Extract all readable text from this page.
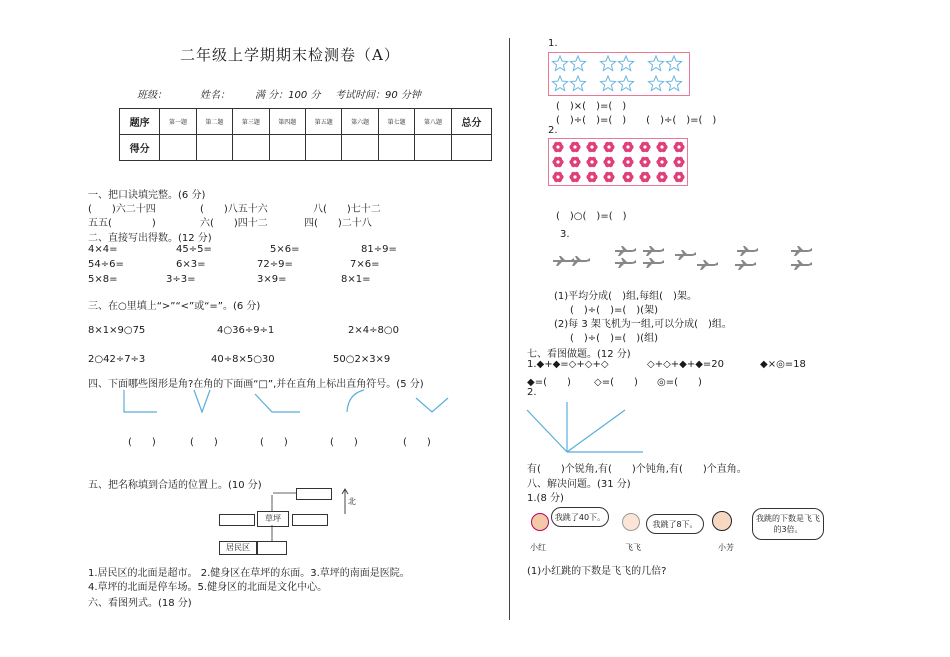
二年级上学期期末检测卷（A）
班级：	姓名：	满 分：100 分 考试时间：90 分钟
题序	第一题	第二题	第三题	第四题	第五题	第六题	第七题	第八题	总分
得分									
一、把口诀填完整。(6 分)
(　　)六二十四	(　　)八五十六	八(　　)七十二
五五(　　　　)	六(　　)四十二	四(　　)二十八
二、直接写出得数。(12 分)
4×4=	45÷5=	5×6=	81÷9=
54÷6=	6×3=	72÷9=	7×6=
5×8=	3÷3=	3×9=	8×1=
三、在○里填上“>”“<”或“=”。(6 分)
8×1×9○75	4○36÷9÷1	2×4÷8○0
2○42÷7÷3	40÷8×5○30	50○2×3×9
四、下面哪些图形是角?在角的下面画“□”,并在直角上标出直角符号。(5 分)
(　　)	(　　)	(　　)	(　　)	(　　)
五、把名称填到合适的位置上。(10 分)
草坪
居民区
北
1.居民区的北面是超市。 2.健身区在草坪的东面。3.草坪的南面是医院。
4.草坪的北面是停车场。5.健身区的北面是文化中心。
六、看图列式。(18 分)
1.
(　)×(　)=(　)
(　)÷(　)=(　)　　(　)÷(　)=(　)
2.
(　)○(　)=(　)
3.
(1)平均分成(　)组,每组(　)架。
(　)÷(　)=(　)(架)
(2)每 3 架飞机为一组,可以分成(　)组。
(　)÷(　)=(　)(组)
七、看图做题。(12 分)
1.◆+◆=◇+◇+◇	◇+◇+◆+◆=20	◆×◎=18
◆=(　　) ◇=(　　) ◎=(　　)
2.
有(　　)个锐角,有(　　)个钝角,有(　　)个直角。
八、解决问题。(31 分)
1.(8 分)
我跳了40下。
小红
我跳了8下。
飞飞
我跳的下数是飞飞的3倍。
小芳
(1)小红跳的下数是飞飞的几倍?
